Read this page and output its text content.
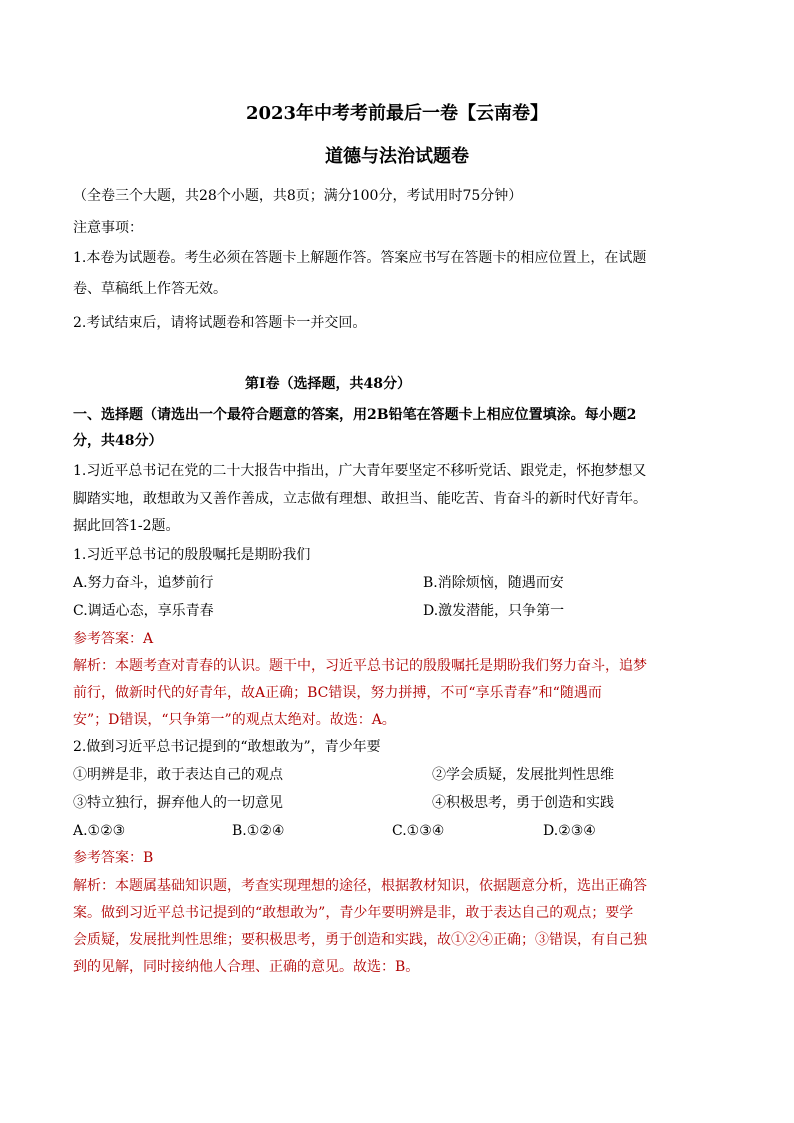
2023年中考考前最后一卷【云南卷】
道德与法治试题卷
（全卷三个大题，共28个小题，共8页；满分100分，考试用时75分钟）
注意事项：
1.本卷为试题卷。考生必须在答题卡上解题作答。答案应书写在答题卡的相应位置上，在试题
卷、草稿纸上作答无效。
2.考试结束后，请将试题卷和答题卡一并交回。
第Ⅰ卷（选择题，共48分）
一、选择题（请选出一个最符合题意的答案，用2B铅笔在答题卡上相应位置填涂。每小题2
分，共48分）
1.习近平总书记在党的二十大报告中指出，广大青年要坚定不移听党话、跟党走，怀抱梦想又
脚踏实地，敢想敢为又善作善成，立志做有理想、敢担当、能吃苦、肯奋斗的新时代好青年。
据此回答1-2题。
1.习近平总书记的殷殷嘱托是期盼我们
A.努力奋斗，追梦前行	B.消除烦恼，随遇而安
C.调适心态，享乐青春	D.激发潜能，只争第一
参考答案：A
解析：本题考查对青春的认识。题干中，习近平总书记的殷殷嘱托是期盼我们努力奋斗，追梦
前行，做新时代的好青年，故A正确；BC错误，努力拼搏，不可“享乐青春”和“随遇而
安”；D错误，“只争第一”的观点太绝对。故选：A。
2.做到习近平总书记提到的“敢想敢为”，青少年要
①明辨是非，敢于表达自己的观点	②学会质疑，发展批判性思维
③特立独行，摒弃他人的一切意见	④积极思考，勇于创造和实践
A.①②③	B.①②④	C.①③④	D.②③④
参考答案：B
解析：本题属基础知识题，考查实现理想的途径，根据教材知识，依据题意分析，选出正确答
案。做到习近平总书记提到的“敢想敢为”，青少年要明辨是非，敢于表达自己的观点；要学
会质疑，发展批判性思维；要积极思考，勇于创造和实践，故①②④正确；③错误，有自己独
到的见解，同时接纳他人合理、正确的意见。故选：B。
